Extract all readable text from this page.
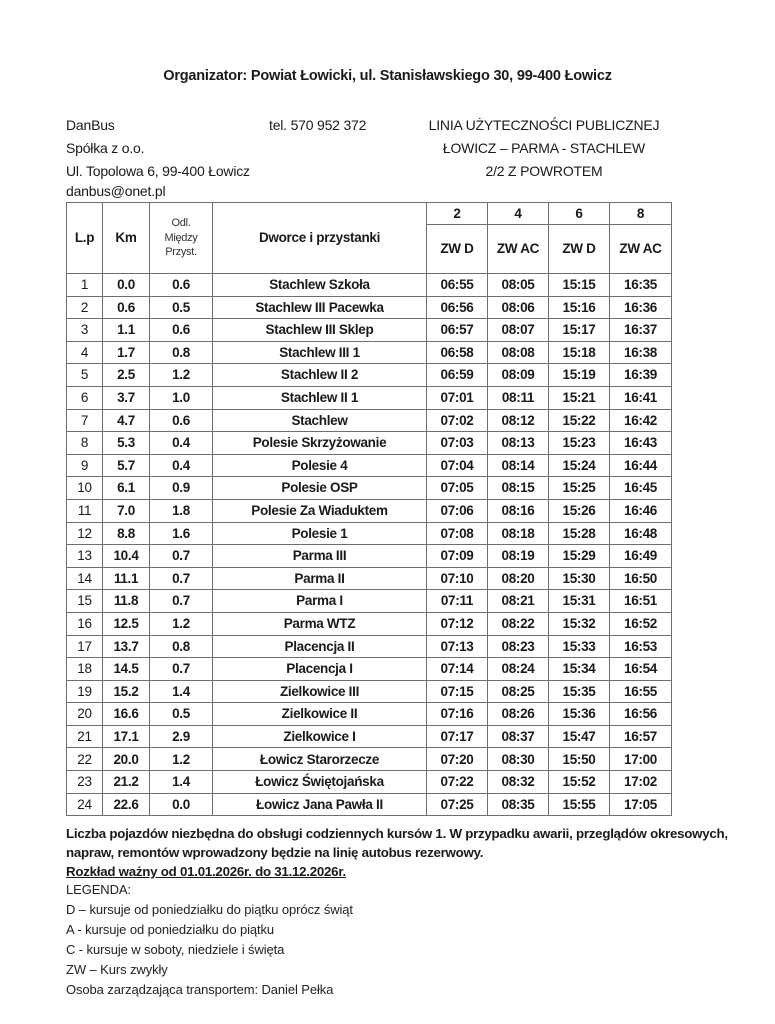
Organizator: Powiat Łowicki, ul. Stanisławskiego 30, 99-400 Łowicz
DanBus
Spółka z o.o.
Ul. Topolowa 6, 99-400 Łowicz
danbus@onet.pl
tel. 570 952 372	LINIA UŻYTECZNOŚCI PUBLICZNEJ
ŁOWICZ – PARMA - STACHLEW
2/2 Z POWROTEM
L.p	Km	Odl.
Między
Przyst.	Dworce i przystanki	2	4	6	8
				ZW D	ZW AC	ZW D	ZW AC
1	0.0	0.6	Stachlew Szkoła	06:55	08:05	15:15	16:35
2	0.6	0.5	Stachlew III Pacewka	06:56	08:06	15:16	16:36
3	1.1	0.6	Stachlew III Sklep	06:57	08:07	15:17	16:37
4	1.7	0.8	Stachlew III 1	06:58	08:08	15:18	16:38
5	2.5	1.2	Stachlew II 2	06:59	08:09	15:19	16:39
6	3.7	1.0	Stachlew II 1	07:01	08:11	15:21	16:41
7	4.7	0.6	Stachlew	07:02	08:12	15:22	16:42
8	5.3	0.4	Polesie Skrzyżowanie	07:03	08:13	15:23	16:43
9	5.7	0.4	Polesie 4	07:04	08:14	15:24	16:44
10	6.1	0.9	Polesie OSP	07:05	08:15	15:25	16:45
11	7.0	1.8	Polesie Za Wiaduktem	07:06	08:16	15:26	16:46
12	8.8	1.6	Polesie 1	07:08	08:18	15:28	16:48
13	10.4	0.7	Parma III	07:09	08:19	15:29	16:49
14	11.1	0.7	Parma II	07:10	08:20	15:30	16:50
15	11.8	0.7	Parma I	07:11	08:21	15:31	16:51
16	12.5	1.2	Parma WTZ	07:12	08:22	15:32	16:52
17	13.7	0.8	Placencja II	07:13	08:23	15:33	16:53
18	14.5	0.7	Placencja I	07:14	08:24	15:34	16:54
19	15.2	1.4	Zielkowice III	07:15	08:25	15:35	16:55
20	16.6	0.5	Zielkowice II	07:16	08:26	15:36	16:56
21	17.1	2.9	Zielkowice I	07:17	08:37	15:47	16:57
22	20.0	1.2	Łowicz Starorzecze	07:20	08:30	15:50	17:00
23	21.2	1.4	Łowicz Świętojańska	07:22	08:32	15:52	17:02
24	22.6	0.0	Łowicz Jana Pawła II	07:25	08:35	15:55	17:05
Liczba pojazdów niezbędna do obsługi codziennych kursów 1. W przypadku awarii, przeglądów okresowych,
napraw, remontów wprowadzony będzie na linię autobus rezerwowy.
Rozkład ważny od 01.01.2026r. do 31.12.2026r.
LEGENDA:
D – kursuje od poniedziałku do piątku oprócz świąt
A - kursuje od poniedziałku do piątku
C - kursuje w soboty, niedziele i święta
ZW – Kurs zwykły
Osoba zarządzająca transportem: Daniel Pełka
